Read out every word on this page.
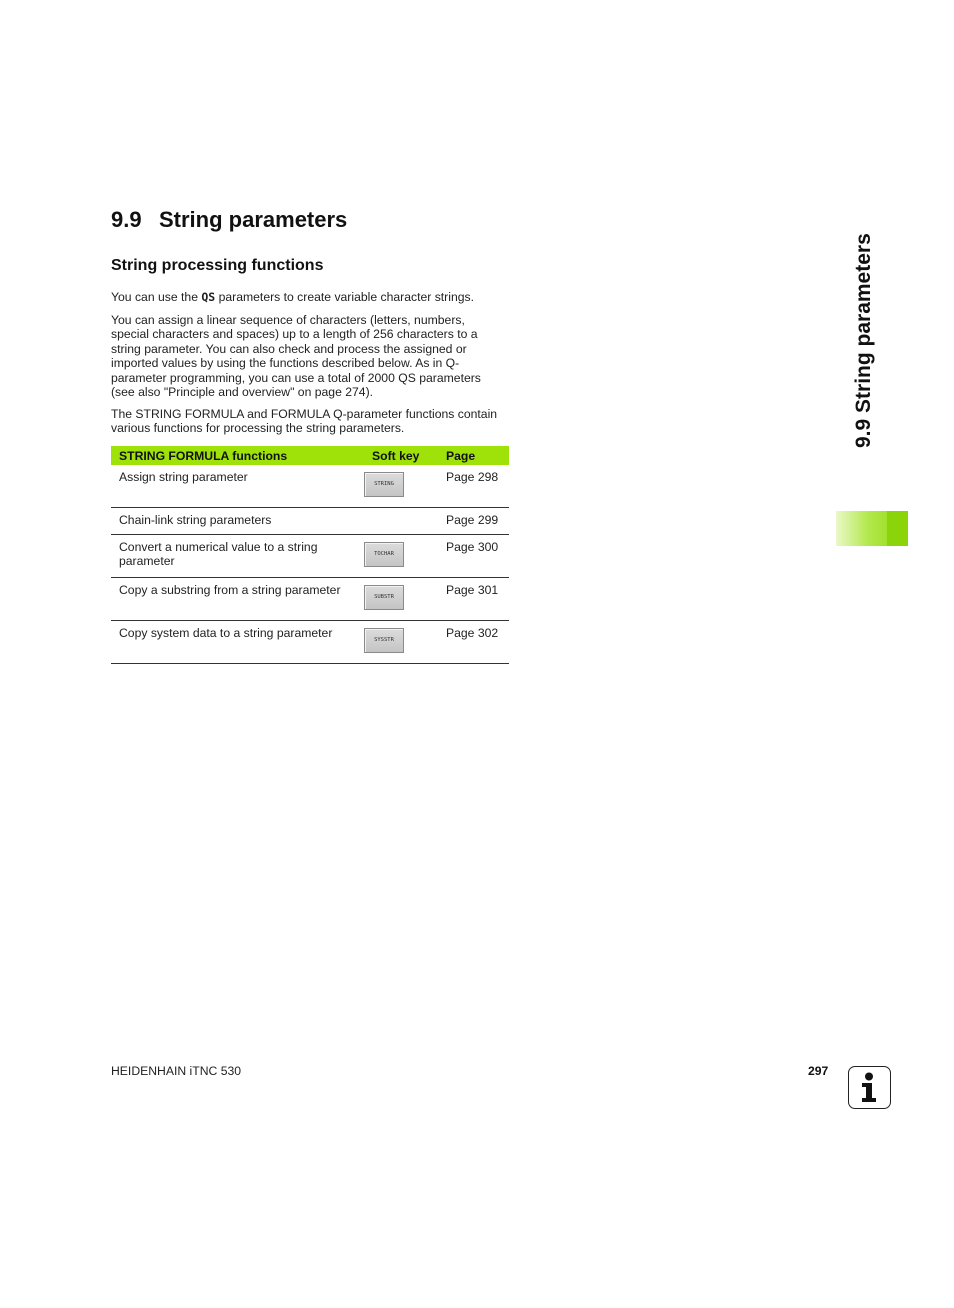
9.9 String parameters
String processing functions

You can use the QS parameters to create variable character strings.

You can assign a linear sequence of characters (letters, numbers, special characters and spaces) up to a length of 256 characters to a string parameter. You can also check and process the assigned or imported values by using the functions described below. As in Q-parameter programming, you can use a total of 2000 QS parameters (see also "Principle and overview" on page 274).

The STRING FORMULA and FORMULA Q-parameter functions contain various functions for processing the string parameters.

STRING FORMULA functions	Soft key	Page
Assign string parameter	STRING	Page 298
Chain-link string parameters		Page 299
Convert a numerical value to a string parameter	TOCHAR	Page 300
Copy a substring from a string parameter	SUBSTR	Page 301
Copy system data to a string parameter	SYSSTR	Page 302
9.9 String parameters
HEIDENHAIN iTNC 530	297
